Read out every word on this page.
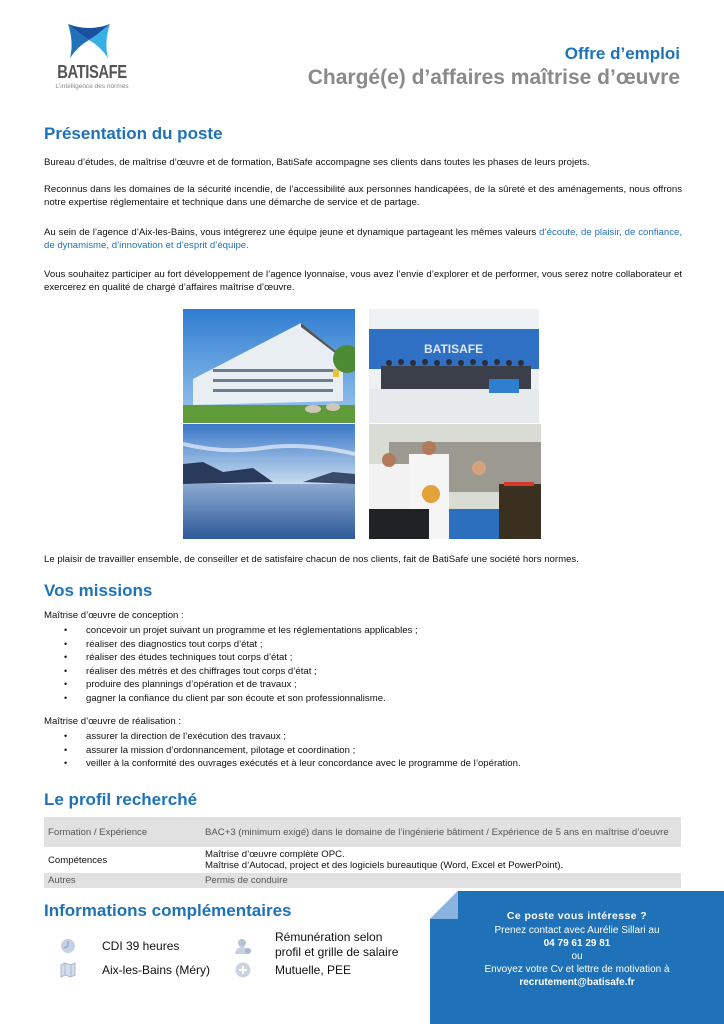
BATISAFE
L'intelligence des normes
Offre d’emploi
Chargé(e) d’affaires maîtrise d’œuvre
Présentation du poste
Bureau d’études, de maîtrise d’œuvre et de formation, BatiSafe accompagne ses clients dans toutes les phases de leurs projets.
Reconnus dans les domaines de la sécurité incendie, de l’accessibilité aux personnes handicapées, de la sûreté et des aménagements, nous offrons notre expertise réglementaire et technique dans une démarche de service et de partage.
Au sein de l’agence d’Aix-les-Bains, vous intégrerez une équipe jeune et dynamique partageant les mêmes valeurs d’écoute, de plaisir, de confiance, de dynamisme, d’innovation et d’esprit d’équipe.
Vous souhaitez participer au fort développement de l’agence lyonnaise, vous avez l’envie d’explorer et de performer, vous serez notre collaborateur et exercerez en qualité de chargé d’affaires maîtrise d’œuvre.
BATISAFE
Le plaisir de travailler ensemble, de conseiller et de satisfaire chacun de nos clients, fait de BatiSafe une société hors normes.
Vos missions
Maîtrise d’œuvre de conception :
• concevoir un projet suivant un programme et les réglementations applicables ;
• réaliser des diagnostics tout corps d’état ;
• réaliser des études techniques tout corps d’état ;
• réaliser des métrés et des chiffrages tout corps d’état ;
• produire des plannings d’opération et de travaux ;
• gagner la confiance du client par son écoute et son professionnalisme.
Maîtrise d’œuvre de réalisation :
• assurer la direction de l’exécution des travaux ;
• assurer la mission d’ordonnancement, pilotage et coordination ;
• veiller à la conformité des ouvrages exécutés et à leur concordance avec le programme de l’opération.
Le profil recherché
Formation / Expérience	BAC+3 (minimum exigé) dans le domaine de l’ingénierie bâtiment / Expérience de 5 ans en maîtrise d’oeuvre
Compétences	Maîtrise d’œuvre complète OPC.
Maîtrise d’Autocad, project et des logiciels bureautique (Word, Excel et PowerPoint).

Autres	Permis de conduire
Informations complémentaires
CDI 39 heures
Aix-les-Bains (Méry)
Rémunération selon
profil et grille de salaire
Mutuelle, PEE
Ce poste vous intéresse ?
Prenez contact avec Aurélie Sillari au
04 79 61 29 81
ou
Envoyez votre Cv et lettre de motivation à
recrutement@batisafe.fr
